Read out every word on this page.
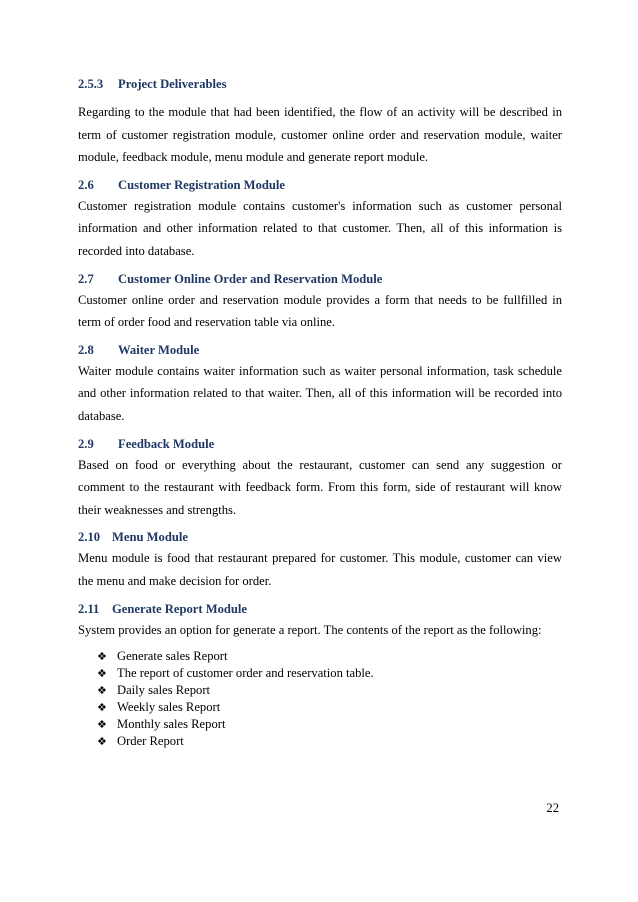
2.5.3 Project Deliverables

Regarding to the module that had been identified, the flow of an activity will be described in term of customer registration module, customer online order and reservation module, waiter module, feedback module, menu module and generate report module.

2.6 Customer Registration Module

Customer registration module contains customer's information such as customer personal information and other information related to that customer. Then, all of this information is recorded into database.

2.7 Customer Online Order and Reservation Module

Customer online order and reservation module provides a form that needs to be fullfilled in term of order food and reservation table via online.

2.8 Waiter Module

Waiter module contains waiter information such as waiter personal information, task schedule and other information related to that waiter. Then, all of this information will be recorded into database.

2.9 Feedback Module

Based on food or everything about the restaurant, customer can send any suggestion or comment to the restaurant with feedback form. From this form, side of restaurant will know their weaknesses and strengths.

2.10 Menu Module

Menu module is food that restaurant prepared for customer. This module, customer can view the menu and make decision for order.

2.11 Generate Report Module

System provides an option for generate a report. The contents of the report as the following:

❖ Generate sales Report
❖ The report of customer order and reservation table.
❖ Daily sales Report
❖ Weekly sales Report
❖ Monthly sales Report
❖ Order Report
22
